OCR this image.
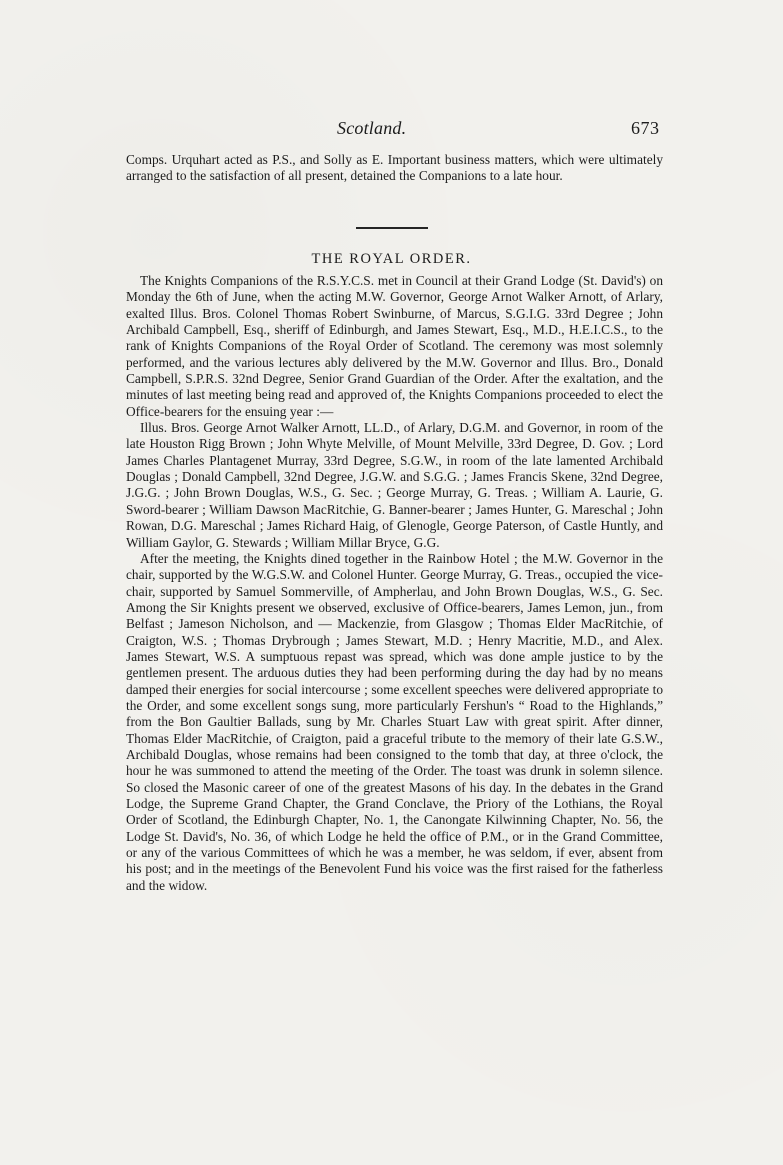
Scotland.	673

Comps. Urquhart acted as P.S., and Solly as E. Important business matters, which were ultimately arranged to the satisfaction of all present, detained the Companions to a late hour.

THE ROYAL ORDER.

The Knights Companions of the R.S.Y.C.S. met in Council at their Grand Lodge (St. David's) on Monday the 6th of June, when the acting M.W. Governor, George Arnot Walker Arnott, of Arlary, exalted Illus. Bros. Colonel Thomas Robert Swinburne, of Marcus, S.G.I.G. 33rd Degree ; John Archibald Campbell, Esq., sheriff of Edinburgh, and James Stewart, Esq., M.D., H.E.I.C.S., to the rank of Knights Companions of the Royal Order of Scotland. The ceremony was most solemnly performed, and the various lectures ably delivered by the M.W. Governor and Illus. Bro., Donald Campbell, S.P.R.S. 32nd Degree, Senior Grand Guardian of the Order. After the exaltation, and the minutes of last meeting being read and approved of, the Knights Companions proceeded to elect the Office-bearers for the ensuing year :—

Illus. Bros. George Arnot Walker Arnott, LL.D., of Arlary, D.G.M. and Governor, in room of the late Houston Rigg Brown ; John Whyte Melville, of Mount Melville, 33rd Degree, D. Gov. ; Lord James Charles Plantagenet Murray, 33rd Degree, S.G.W., in room of the late lamented Archibald Douglas ; Donald Campbell, 32nd Degree, J.G.W. and S.G.G. ; James Francis Skene, 32nd Degree, J.G.G. ; John Brown Douglas, W.S., G. Sec. ; George Murray, G. Treas. ; William A. Laurie, G. Sword-bearer ; William Dawson MacRitchie, G. Banner-bearer ; James Hunter, G. Mareschal ; John Rowan, D.G. Mareschal ; James Richard Haig, of Glenogle, George Paterson, of Castle Huntly, and William Gaylor, G. Stewards ; William Millar Bryce, G.G.

After the meeting, the Knights dined together in the Rainbow Hotel ; the M.W. Governor in the chair, supported by the W.G.S.W. and Colonel Hunter. George Murray, G. Treas., occupied the vice-chair, supported by Samuel Sommerville, of Ampherlau, and John Brown Douglas, W.S., G. Sec. Among the Sir Knights present we observed, exclusive of Office-bearers, James Lemon, jun., from Belfast ; Jameson Nicholson, and — Mackenzie, from Glasgow ; Thomas Elder MacRitchie, of Craigton, W.S. ; Thomas Drybrough ; James Stewart, M.D. ; Henry Macritie, M.D., and Alex. James Stewart, W.S. A sumptuous repast was spread, which was done ample justice to by the gentlemen present. The arduous duties they had been performing during the day had by no means damped their energies for social intercourse ; some excellent speeches were delivered appropriate to the Order, and some excellent songs sung, more particularly Fershun's “ Road to the Highlands,” from the Bon Gaultier Ballads, sung by Mr. Charles Stuart Law with great spirit. After dinner, Thomas Elder MacRitchie, of Craigton, paid a graceful tribute to the memory of their late G.S.W., Archibald Douglas, whose remains had been consigned to the tomb that day, at three o'clock, the hour he was summoned to attend the meeting of the Order. The toast was drunk in solemn silence. So closed the Masonic career of one of the greatest Masons of his day. In the debates in the Grand Lodge, the Supreme Grand Chapter, the Grand Conclave, the Priory of the Lothians, the Royal Order of Scotland, the Edinburgh Chapter, No. 1, the Canongate Kilwinning Chapter, No. 56, the Lodge St. David's, No. 36, of which Lodge he held the office of P.M., or in the Grand Committee, or any of the various Committees of which he was a member, he was seldom, if ever, absent from his post; and in the meetings of the Benevolent Fund his voice was the first raised for the fatherless and the widow.
